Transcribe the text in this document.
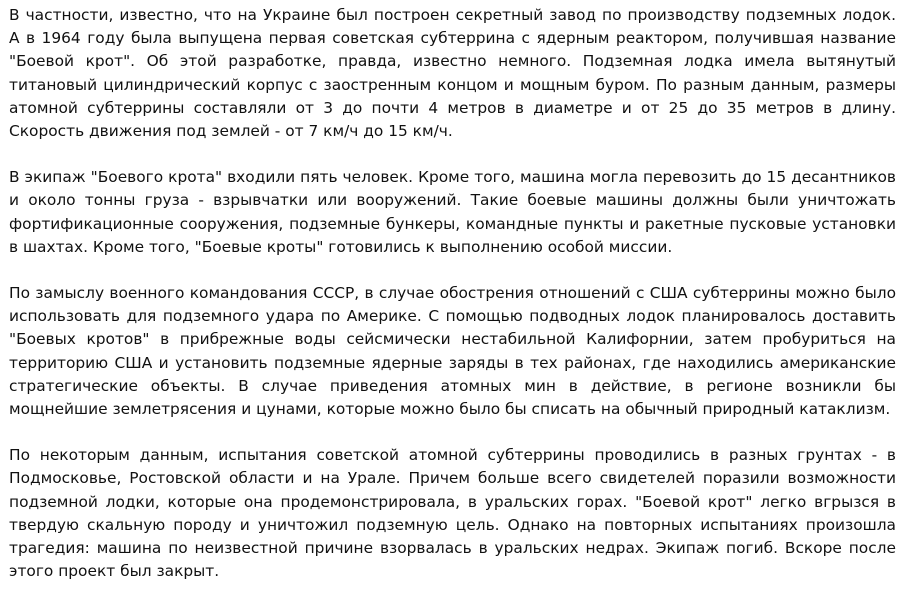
В частности, известно, что на Украине был построен секретный завод по производству подземных лодок. А в 1964 году была выпущена первая советская субтеррина с ядерным реактором, получившая название "Боевой крот". Об этой разработке, правда, известно немного. Подземная лодка имела вытянутый титановый цилиндрический корпус с заостренным концом и мощным буром. По разным данным, размеры атомной субтеррины составляли от 3 до почти 4 метров в диаметре и от 25 до 35 метров в длину. Скорость движения под землей - от 7 км/ч до 15 км/ч.

В экипаж "Боевого крота" входили пять человек. Кроме того, машина могла перевозить до 15 десантников и около тонны груза - взрывчатки или вооружений. Такие боевые машины должны были уничтожать фортификационные сооружения, подземные бункеры, командные пункты и ракетные пусковые установки в шахтах. Кроме того, "Боевые кроты" готовились к выполнению особой миссии.

По замыслу военного командования СССР, в случае обострения отношений с США субтеррины можно было использовать для подземного удара по Америке. С помощью подводных лодок планировалось доставить "Боевых кротов" в прибрежные воды сейсмически нестабильной Калифорнии, затем пробуриться на территорию США и установить подземные ядерные заряды в тех районах, где находились американские стратегические объекты. В случае приведения атомных мин в действие, в регионе возникли бы мощнейшие землетрясения и цунами, которые можно было бы списать на обычный природный катаклизм.

По некоторым данным, испытания советской атомной субтеррины проводились в разных грунтах - в Подмосковье, Ростовской области и на Урале. Причем больше всего свидетелей поразили возможности подземной лодки, которые она продемонстрировала, в уральских горах. "Боевой крот" легко вгрызся в твердую скальную породу и уничтожил подземную цель. Однако на повторных испытаниях произошла трагедия: машина по неизвестной причине взорвалась в уральских недрах. Экипаж погиб. Вскоре после этого проект был закрыт.
